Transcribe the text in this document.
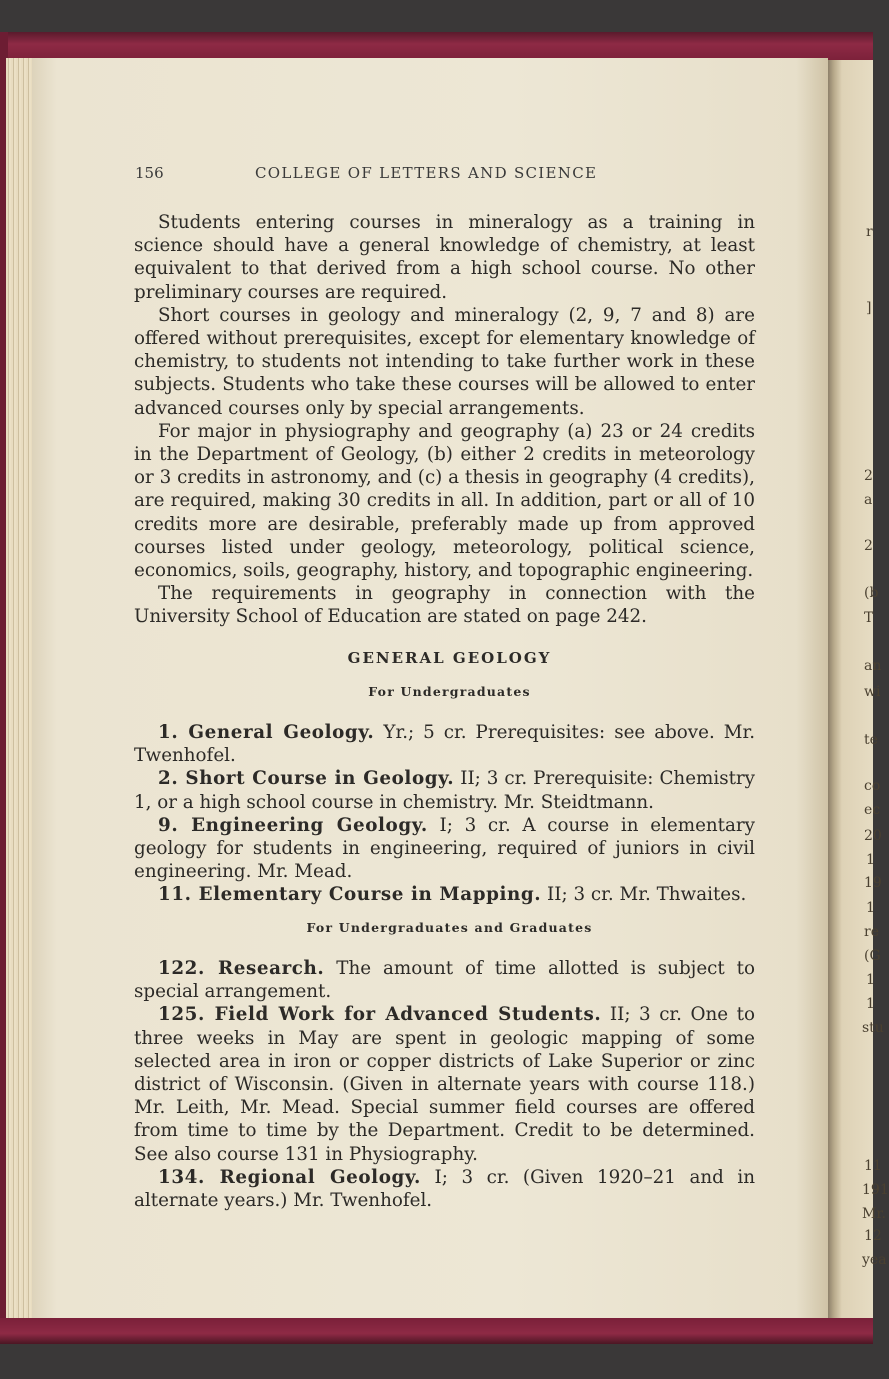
r
]
2
a
2
(b
T
an
wi
te
co
ec
20
1
19
1
re
(G
1
1
stu
11
191
Mr.
12
yea
156	COLLEGE OF LETTERS AND SCIENCE

Students entering courses in mineralogy as a training in science should have a general knowledge of chemistry, at least equivalent to that derived from a high school course. No other preliminary courses are required.

Short courses in geology and mineralogy (2, 9, 7 and 8) are offered without prerequisites, except for elementary knowledge of chemistry, to students not intending to take further work in these subjects. Students who take these courses will be allowed to enter advanced courses only by special arrangements.

For major in physiography and geography (a) 23 or 24 credits in the Department of Geology, (b) either 2 credits in meteorology or 3 credits in astronomy, and (c) a thesis in geography (4 credits), are required, making 30 credits in all. In addition, part or all of 10 credits more are desirable, preferably made up from approved courses listed under geology, meteorology, political science, economics, soils, geography, history, and topographic engineering.

The requirements in geography in connection with the University School of Education are stated on page 242.

GENERAL GEOLOGY

For Undergraduates

1. General Geology. Yr.; 5 cr. Prerequisites: see above. Mr. Twenhofel.

2. Short Course in Geology. II; 3 cr. Prerequisite: Chemistry 1, or a high school course in chemistry. Mr. Steidtmann.

9. Engineering Geology. I; 3 cr. A course in elementary geology for students in engineering, required of juniors in civil engineering. Mr. Mead.

11. Elementary Course in Mapping. II; 3 cr. Mr. Thwaites.

For Undergraduates and Graduates

122. Research. The amount of time allotted is subject to special arrangement.

125. Field Work for Advanced Students. II; 3 cr. One to three weeks in May are spent in geologic mapping of some selected area in iron or copper districts of Lake Superior or zinc district of Wisconsin. (Given in alternate years with course 118.) Mr. Leith, Mr. Mead. Special summer field courses are offered from time to time by the Department. Credit to be determined. See also course 131 in Physiography.

134. Regional Geology. I; 3 cr. (Given 1920–21 and in alternate years.) Mr. Twenhofel.
